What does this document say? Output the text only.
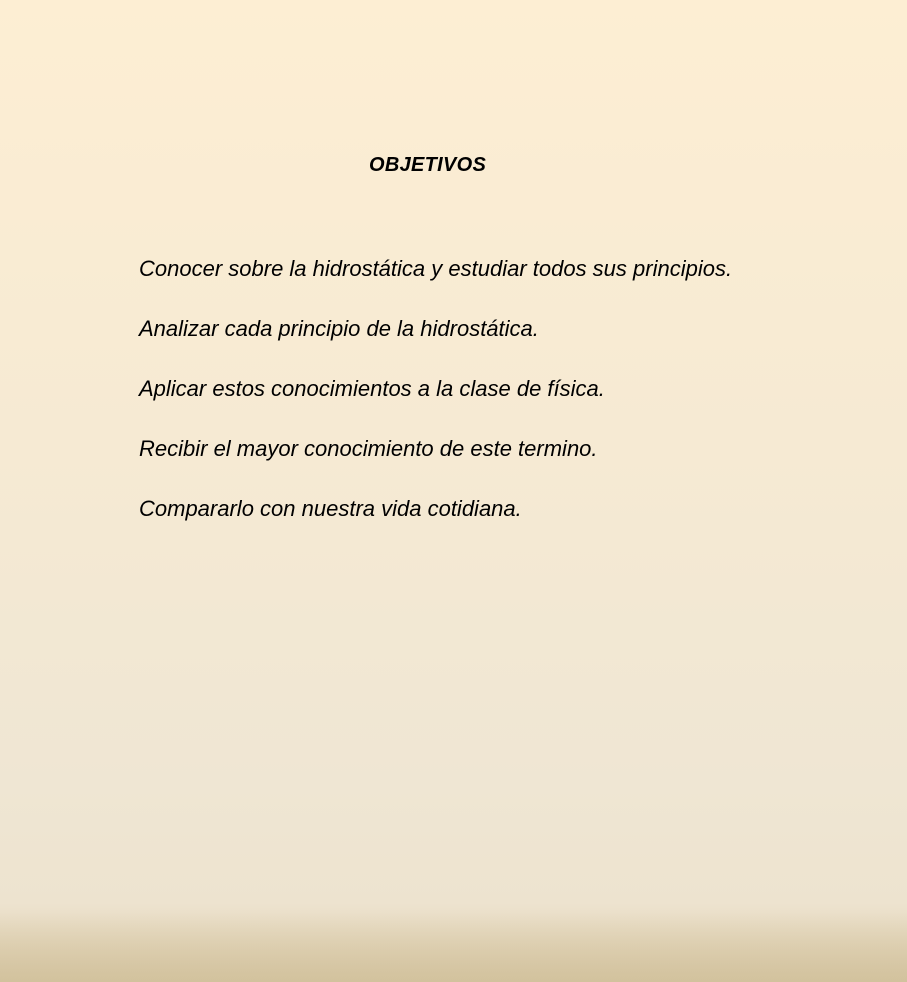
OBJETIVOS
Conocer sobre la hidrostática y estudiar todos sus principios.
Analizar cada principio de la hidrostática.
Aplicar estos conocimientos a la clase de física.
Recibir el mayor conocimiento de este termino.
Compararlo con nuestra vida cotidiana.
